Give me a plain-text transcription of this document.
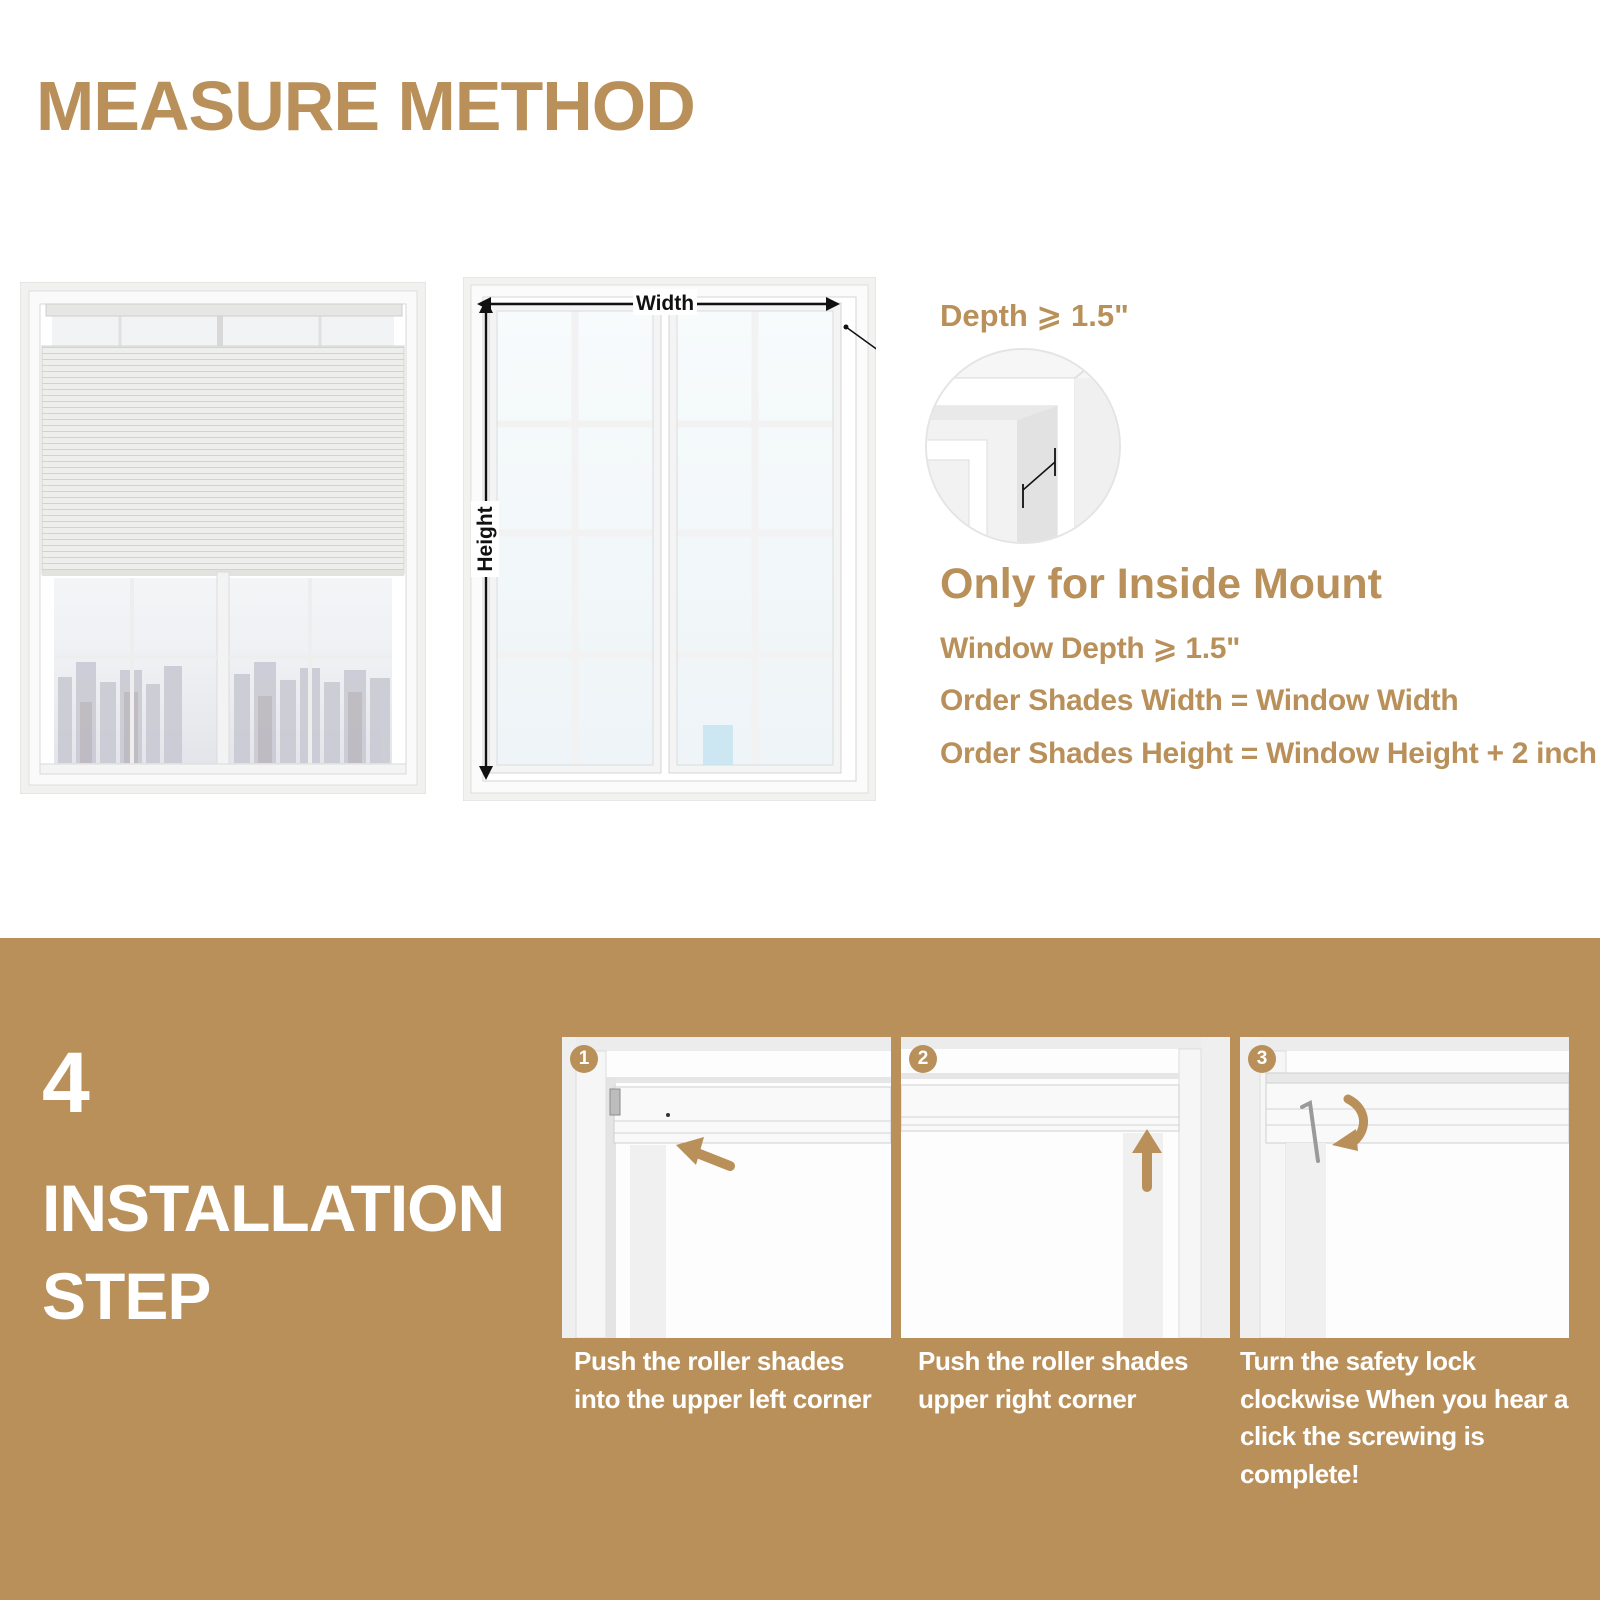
MEASURE METHOD
Width
Height
Depth ⩾ 1.5"
Only for Inside Mount
Window Depth ⩾ 1.5"
Order Shades Width = Window Width
Order Shades Height = Window Height + 2 inch
4
INSTALLATION
STEP
1	2	3
Push the roller shades into the upper left corner
Push the roller shades upper right corner
Turn the safety lock clockwise When you hear a click the screwing is complete!
